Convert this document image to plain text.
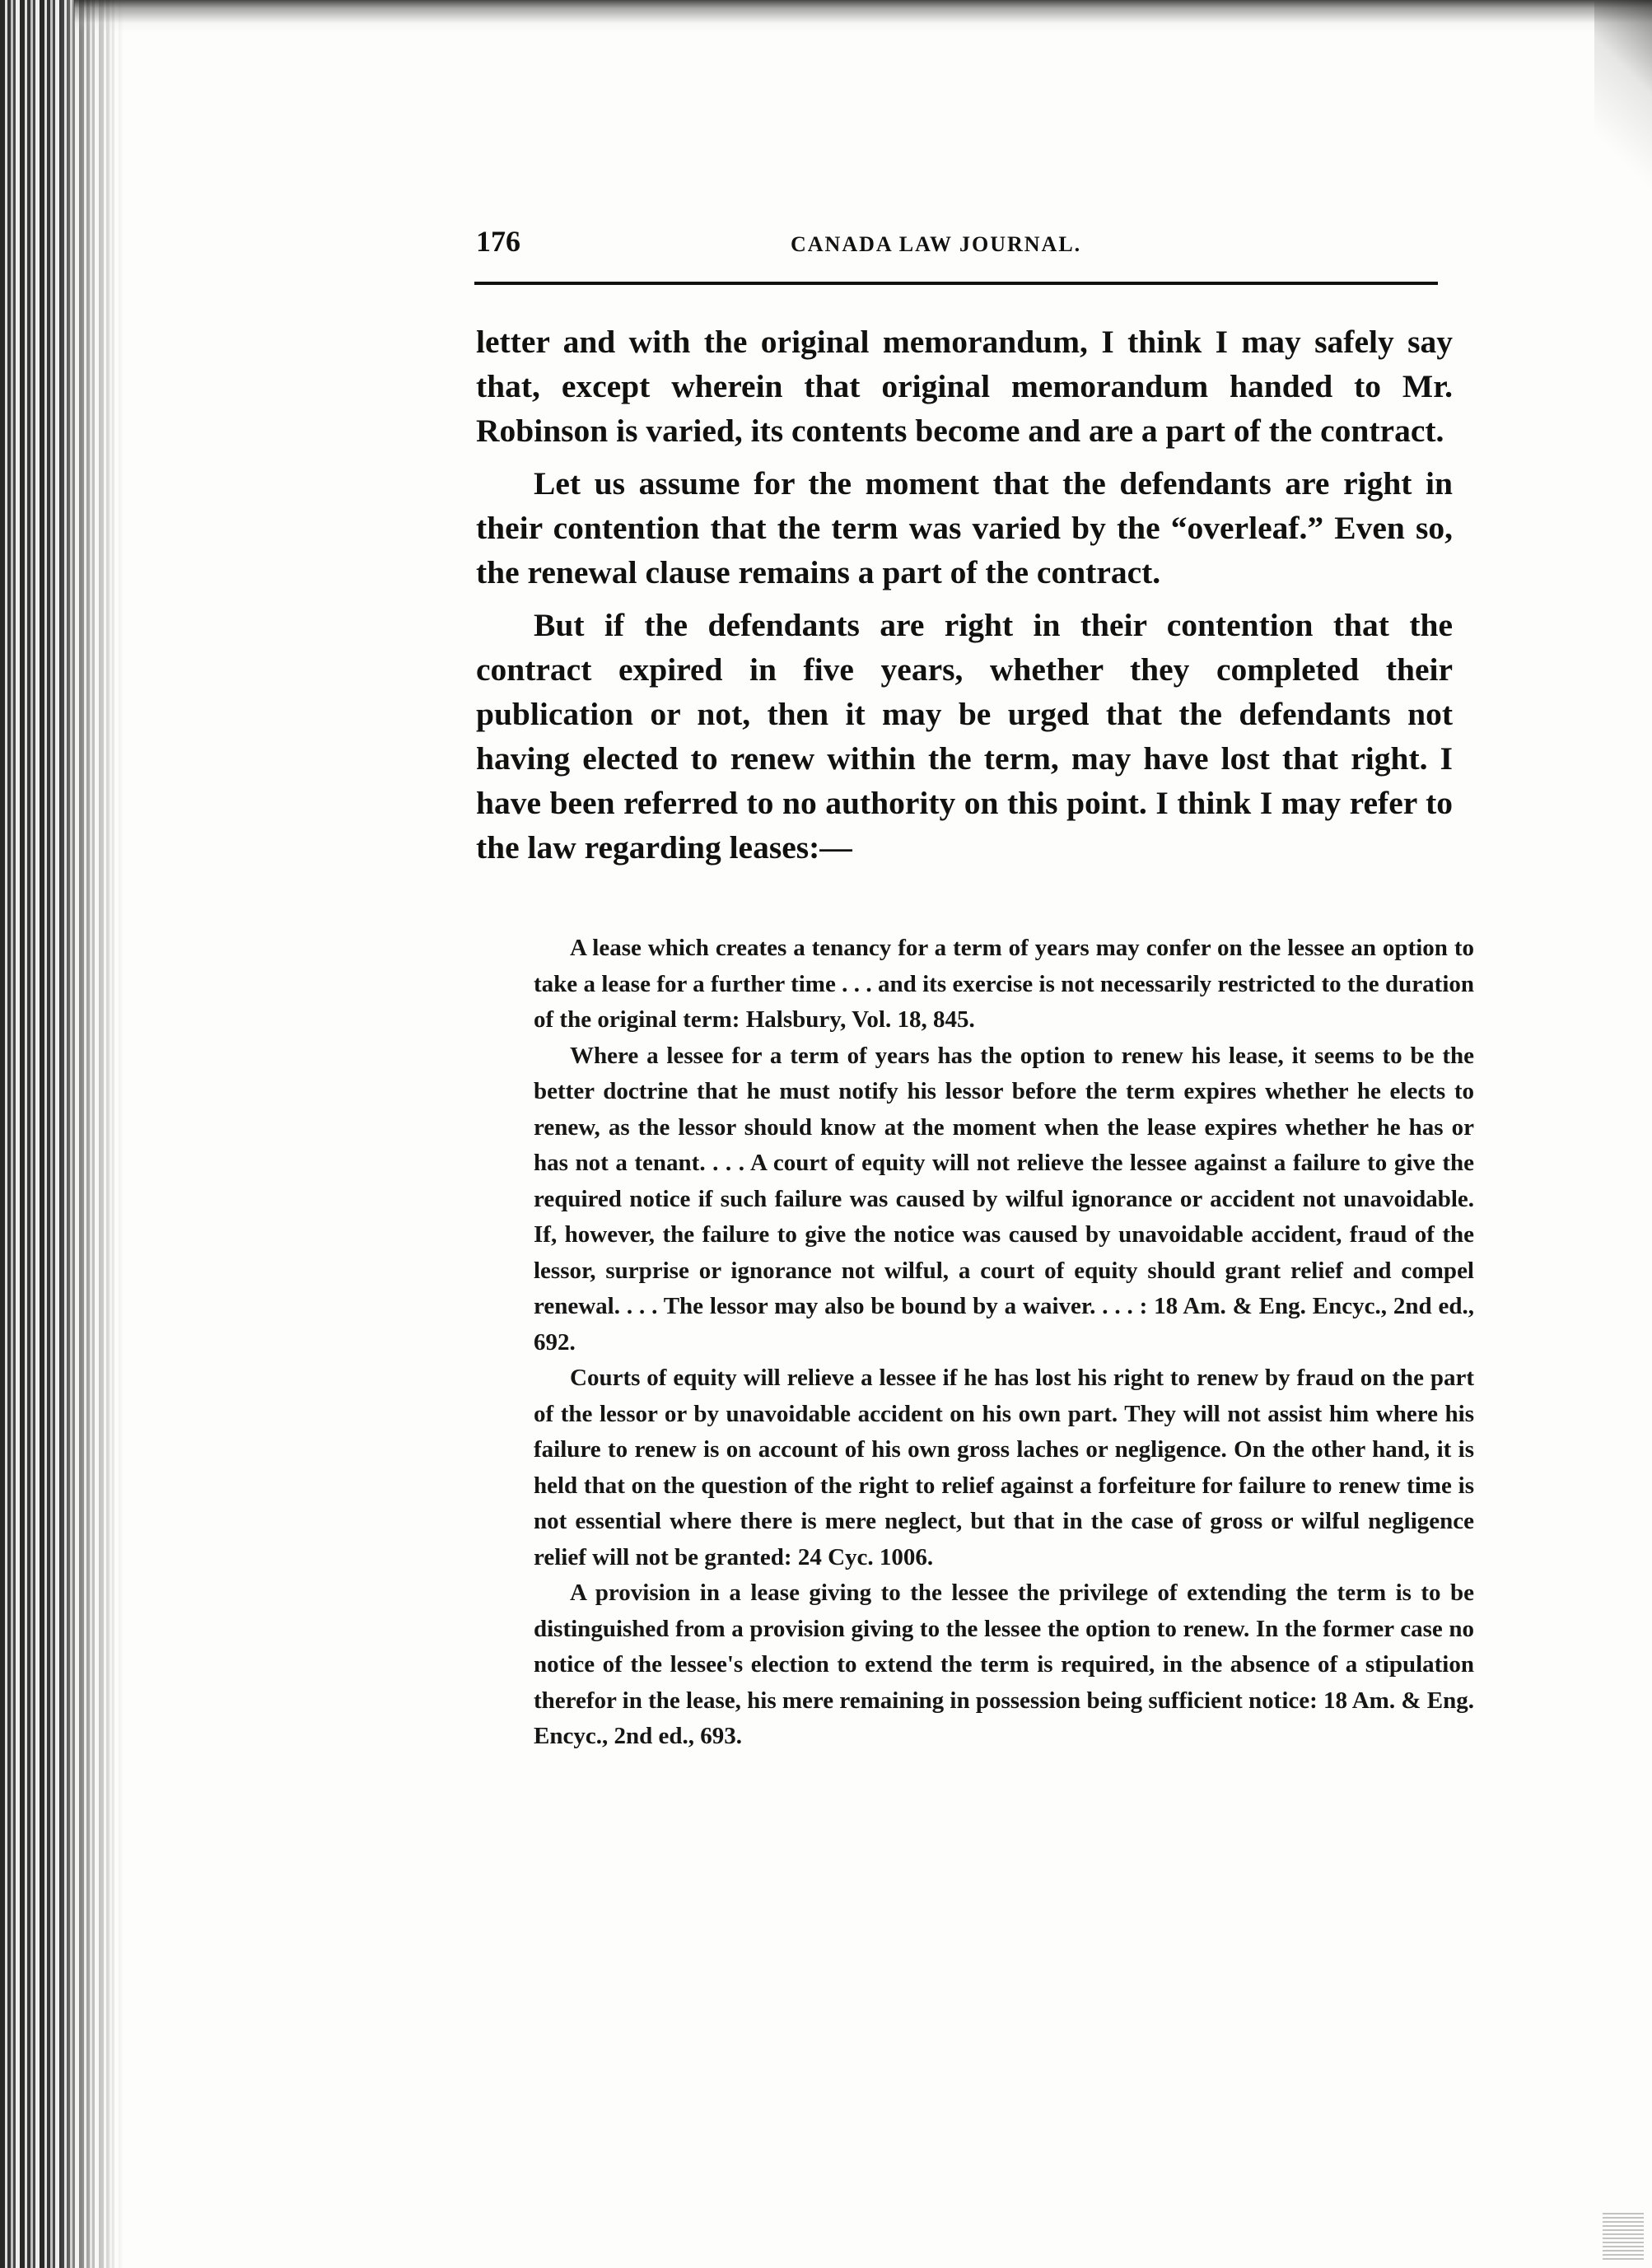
176	CANADA LAW JOURNAL.

letter and with the original memorandum, I think I may safely say that, except wherein that original memorandum handed to Mr. Robinson is varied, its contents become and are a part of the contract.

Let us assume for the moment that the defendants are right in their contention that the term was varied by the “overleaf.” Even so, the renewal clause remains a part of the contract.

But if the defendants are right in their contention that the contract expired in five years, whether they completed their publication or not, then it may be urged that the defendants not having elected to renew within the term, may have lost that right. I have been referred to no authority on this point. I think I may refer to the law regarding leases:—

A lease which creates a tenancy for a term of years may confer on the lessee an option to take a lease for a further time . . . and its exercise is not necessarily restricted to the duration of the original term: Halsbury, Vol. 18, 845.

Where a lessee for a term of years has the option to renew his lease, it seems to be the better doctrine that he must notify his lessor before the term expires whether he elects to renew, as the lessor should know at the moment when the lease expires whether he has or has not a tenant. . . . A court of equity will not relieve the lessee against a failure to give the required notice if such failure was caused by wilful ignorance or accident not unavoidable. If, however, the failure to give the notice was caused by unavoidable accident, fraud of the lessor, surprise or ignorance not wilful, a court of equity should grant relief and compel renewal. . . . The lessor may also be bound by a waiver. . . . : 18 Am. & Eng. Encyc., 2nd ed., 692.

Courts of equity will relieve a lessee if he has lost his right to renew by fraud on the part of the lessor or by unavoidable accident on his own part. They will not assist him where his failure to renew is on account of his own gross laches or negligence. On the other hand, it is held that on the question of the right to relief against a forfeiture for failure to renew time is not essential where there is mere neglect, but that in the case of gross or wilful negligence relief will not be granted: 24 Cyc. 1006.

A provision in a lease giving to the lessee the privilege of extending the term is to be distinguished from a provision giving to the lessee the option to renew. In the former case no notice of the lessee's election to extend the term is required, in the absence of a stipulation therefor in the lease, his mere remaining in possession being sufficient notice: 18 Am. & Eng. Encyc., 2nd ed., 693.
